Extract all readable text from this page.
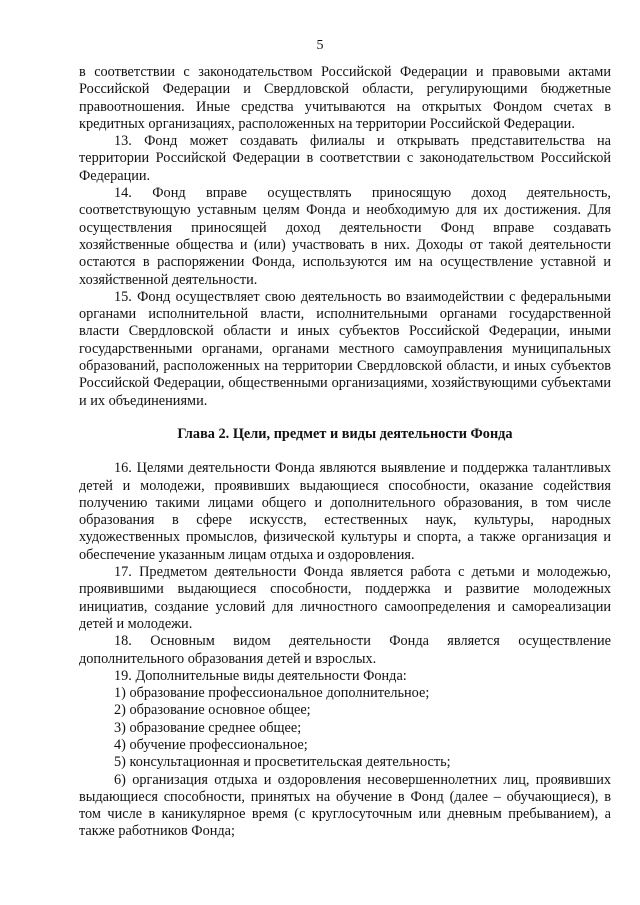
5

в соответствии с законодательством Российской Федерации и правовыми актами Российской Федерации и Свердловской области, регулирующими бюджетные правоотношения. Иные средства учитываются на открытых Фондом счетах в кредитных организациях, расположенных на территории Российской Федерации.

13. Фонд может создавать филиалы и открывать представительства на территории Российской Федерации в соответствии с законодательством Российской Федерации.

14. Фонд вправе осуществлять приносящую доход деятельность, соответствующую уставным целям Фонда и необходимую для их достижения. Для осуществления приносящей доход деятельности Фонд вправе создавать хозяйственные общества и (или) участвовать в них. Доходы от такой деятельности остаются в распоряжении Фонда, используются им на осуществление уставной и хозяйственной деятельности.

15. Фонд осуществляет свою деятельность во взаимодействии с федеральными органами исполнительной власти, исполнительными органами государственной власти Свердловской области и иных субъектов Российской Федерации, иными государственными органами, органами местного самоуправления муниципальных образований, расположенных на территории Свердловской области, и иных субъектов Российской Федерации, общественными организациями, хозяйствующими субъектами и их объединениями.

Глава 2. Цели, предмет и виды деятельности Фонда

16. Целями деятельности Фонда являются выявление и поддержка талантливых детей и молодежи, проявивших выдающиеся способности, оказание содействия получению такими лицами общего и дополнительного образования, в том числе образования в сфере искусств, естественных наук, культуры, народных художественных промыслов, физической культуры и спорта, а также организация и обеспечение указанным лицам отдыха и оздоровления.

17. Предметом деятельности Фонда является работа с детьми и молодежью, проявившими выдающиеся способности, поддержка и развитие молодежных инициатив, создание условий для личностного самоопределения и самореализации детей и молодежи.

18. Основным видом деятельности Фонда является осуществление дополнительного образования детей и взрослых.

19. Дополнительные виды деятельности Фонда:

1) образование профессиональное дополнительное;

2) образование основное общее;

3) образование среднее общее;

4) обучение профессиональное;

5) консультационная и просветительская деятельность;

6) организация отдыха и оздоровления несовершеннолетних лиц, проявивших выдающиеся способности, принятых на обучение в Фонд (далее – обучающиеся), в том числе в каникулярное время (с круглосуточным или дневным пребыванием), а также работников Фонда;
